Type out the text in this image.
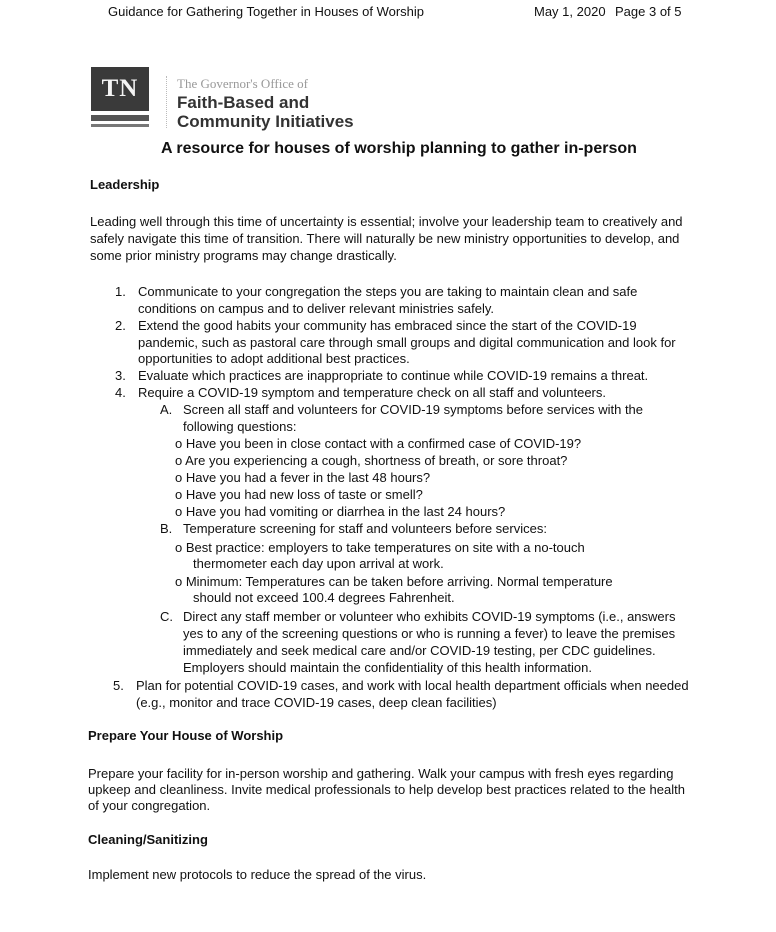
Guidance for Gathering Together in Houses of Worship	May 1, 2020 Page 3 of 5
TN	The Governor's Office of
Faith-Based and
Community Initiatives
A resource for houses of worship planning to gather in-person
Leadership
Leading well through this time of uncertainty is essential; involve your leadership team to creatively and
safely navigate this time of transition. There will naturally be new ministry opportunities to develop, and
some prior ministry programs may change drastically.
1. Communicate to your congregation the steps you are taking to maintain clean and safe
conditions on campus and to deliver relevant ministries safely.
2. Extend the good habits your community has embraced since the start of the COVID-19
pandemic, such as pastoral care through small groups and digital communication and look for
opportunities to adopt additional best practices.
3. Evaluate which practices are inappropriate to continue while COVID-19 remains a threat.
4. Require a COVID-19 symptom and temperature check on all staff and volunteers.
A. Screen all staff and volunteers for COVID-19 symptoms before services with the
following questions:
o Have you been in close contact with a confirmed case of COVID-19?
o Are you experiencing a cough, shortness of breath, or sore throat?
o Have you had a fever in the last 48 hours?
o Have you had new loss of taste or smell?
o Have you had vomiting or diarrhea in the last 24 hours?
B. Temperature screening for staff and volunteers before services:
o Best practice: employers to take temperatures on site with a no-touch
thermometer each day upon arrival at work.
o Minimum: Temperatures can be taken before arriving. Normal temperature
should not exceed 100.4 degrees Fahrenheit.
C. Direct any staff member or volunteer who exhibits COVID-19 symptoms (i.e., answers
yes to any of the screening questions or who is running a fever) to leave the premises
immediately and seek medical care and/or COVID-19 testing, per CDC guidelines.
Employers should maintain the confidentiality of this health information.
5. Plan for potential COVID-19 cases, and work with local health department officials when needed
(e.g., monitor and trace COVID-19 cases, deep clean facilities)
Prepare Your House of Worship
Prepare your facility for in-person worship and gathering. Walk your campus with fresh eyes regarding
upkeep and cleanliness. Invite medical professionals to help develop best practices related to the health
of your congregation.
Cleaning/Sanitizing
Implement new protocols to reduce the spread of the virus.
